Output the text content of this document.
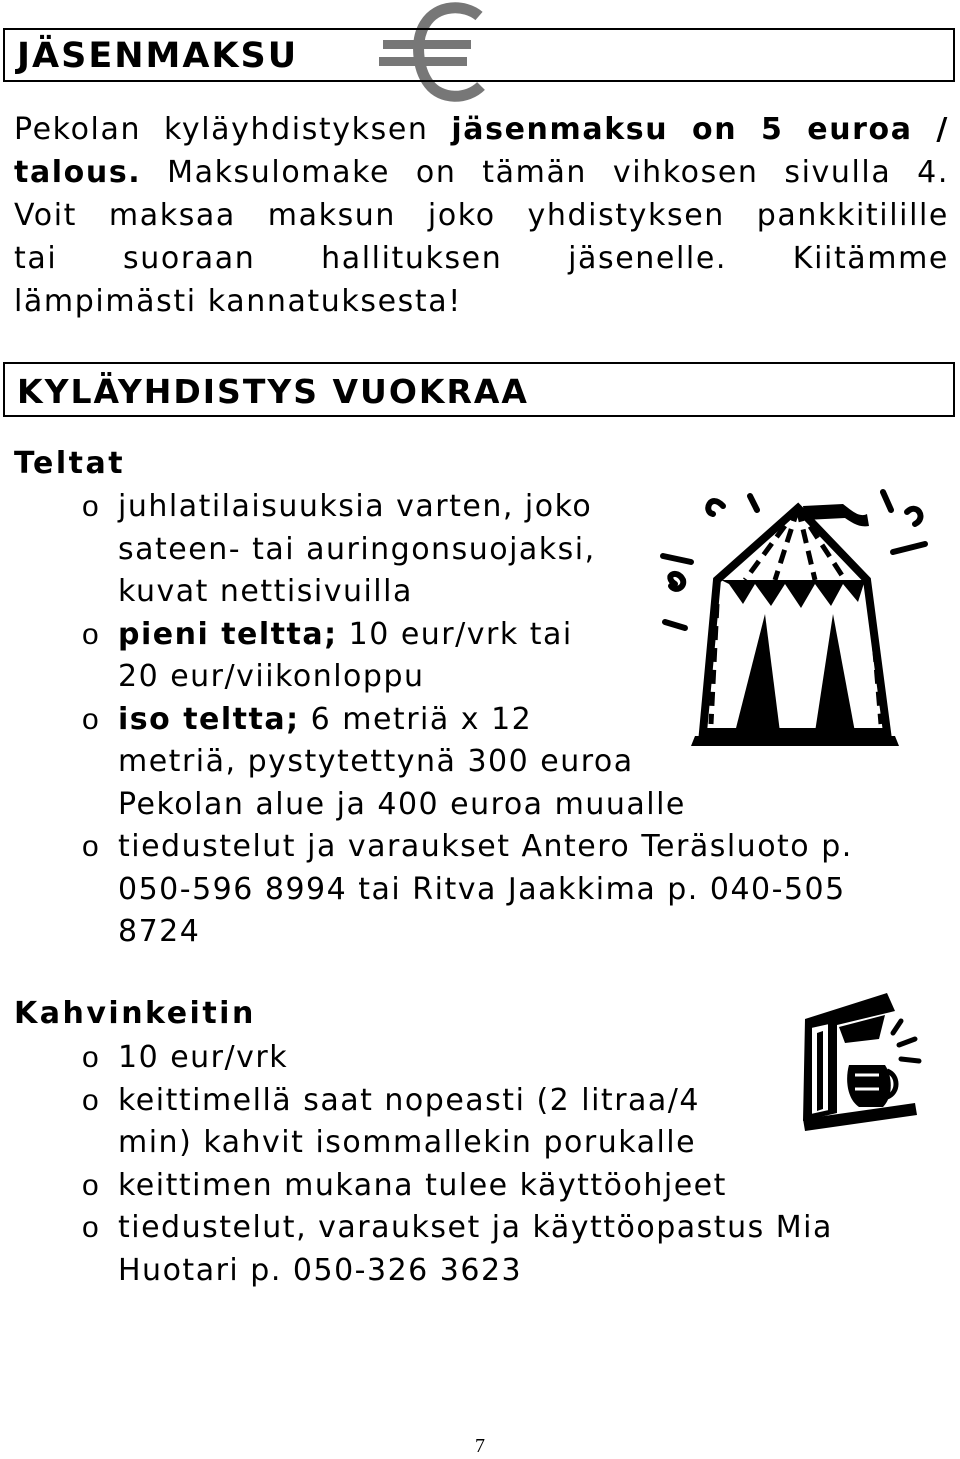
JÄSENMAKSU
Pekolan kyläyhdistyksen jäsenmaksu on 5 euroa /
talous. Maksulomake on tämän vihkosen sivulla 4.
Voit maksaa maksun joko yhdistyksen pankkitilille
tai suoraan hallituksen jäsenelle. Kiitämme
lämpimästi kannatuksesta!
KYLÄYHDISTYS VUOKRAA
Teltat
o juhlatilaisuuksia varten, joko
sateen- tai auringonsuojaksi,
kuvat nettisivuilla
o pieni teltta; 10 eur/vrk tai
20 eur/viikonloppu
o iso teltta; 6 metriä x 12
metriä, pystytettynä 300 euroa
Pekolan alue ja 400 euroa muualle
o tiedustelut ja varaukset Antero Teräsluoto p.
050-596 8994 tai Ritva Jaakkima p. 040-505
8724
Kahvinkeitin
o 10 eur/vrk
o keittimellä saat nopeasti (2 litraa/4
min) kahvit isommallekin porukalle
o keittimen mukana tulee käyttöohjeet
o tiedustelut, varaukset ja käyttöopastus Mia
Huotari p. 050-326 3623
7
